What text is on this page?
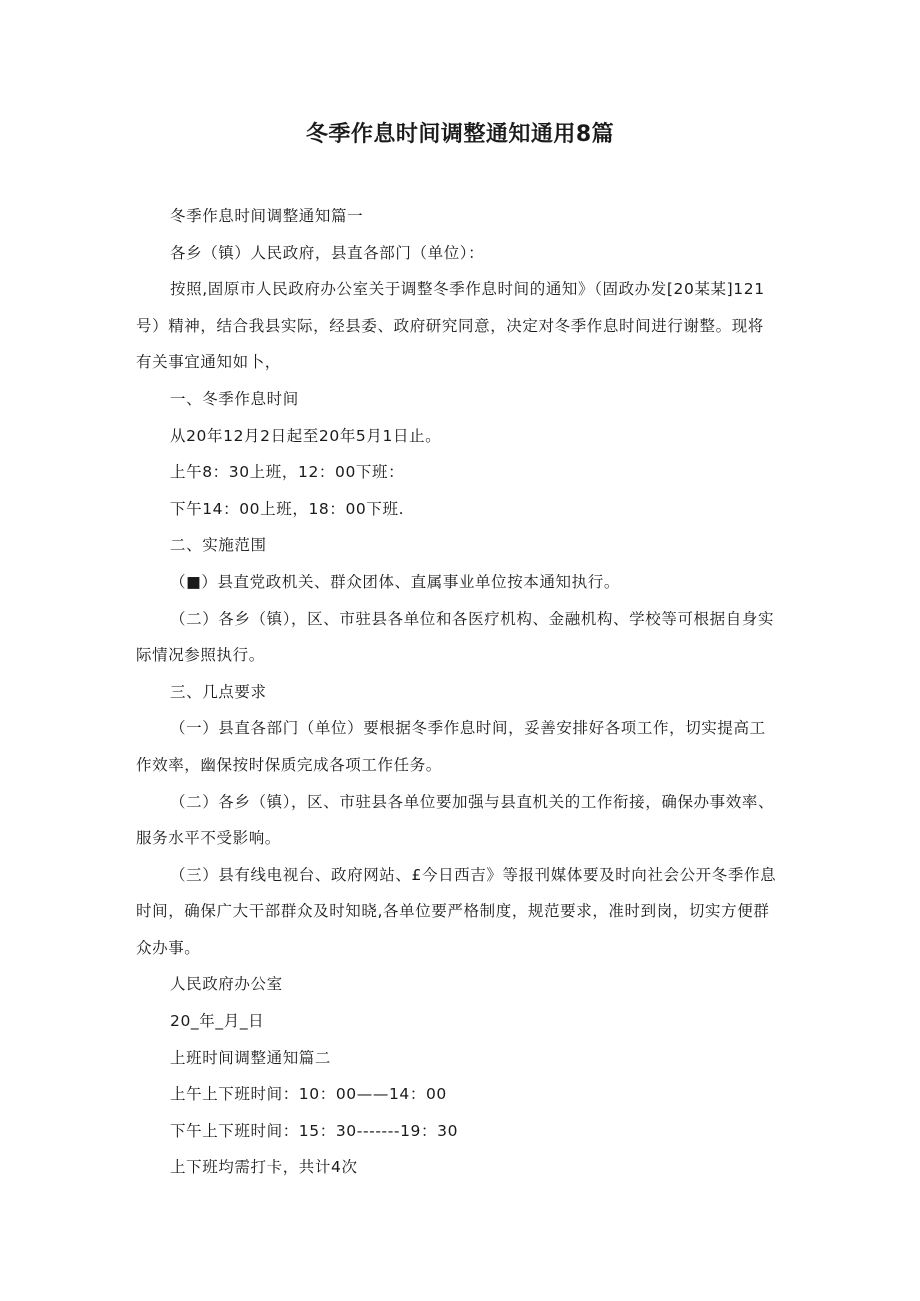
冬季作息时间调整通知通用8篇

冬季作息时间调整通知篇一

各乡（镇）人民政府，县直各部门（单位）：

按照,固原市人民政府办公室关于调整冬季作息时间的通知》（固政办发[20某某]121号）精神，结合我县实际，经县委、政府研究同意，决定对冬季作息时间进行谢整。现将有关事宜通知如卜，

一、冬季作息时间

从20年12月2日起至20年5月1日止。

上午8：30上班，12：00下班：

下午14：00上班，18：00下班.

二、实施范围

（■）县直党政机关、群众团体、直属事业单位按本通知执行。

（二）各乡（镇），区、市驻县各单位和各医疗机构、金融机构、学校等可根据自身实际情况参照执行。

三、几点要求

（一）县直各部门（单位）要根据冬季作息时间，妥善安排好各项工作，切实提高工作效率，幽保按时保质完成各项工作任务。

（二）各乡（镇），区、市驻县各单位要加强与县直机关的工作衔接，确保办事效率、服务水平不受影响。

（三）县有线电视台、政府网站、£今日西吉》等报刊媒体要及时向社会公开冬季作息时间，确保广大干部群众及时知晓,各单位要严格制度，规范要求，准时到岗，切实方便群众办事。

人民政府办公室

20_年_月_日

上班时间调整通知篇二

上午上下班时间：10：00——14：00

下午上下班时间：15：30-------19：30

上下班均需打卡，共计4次
